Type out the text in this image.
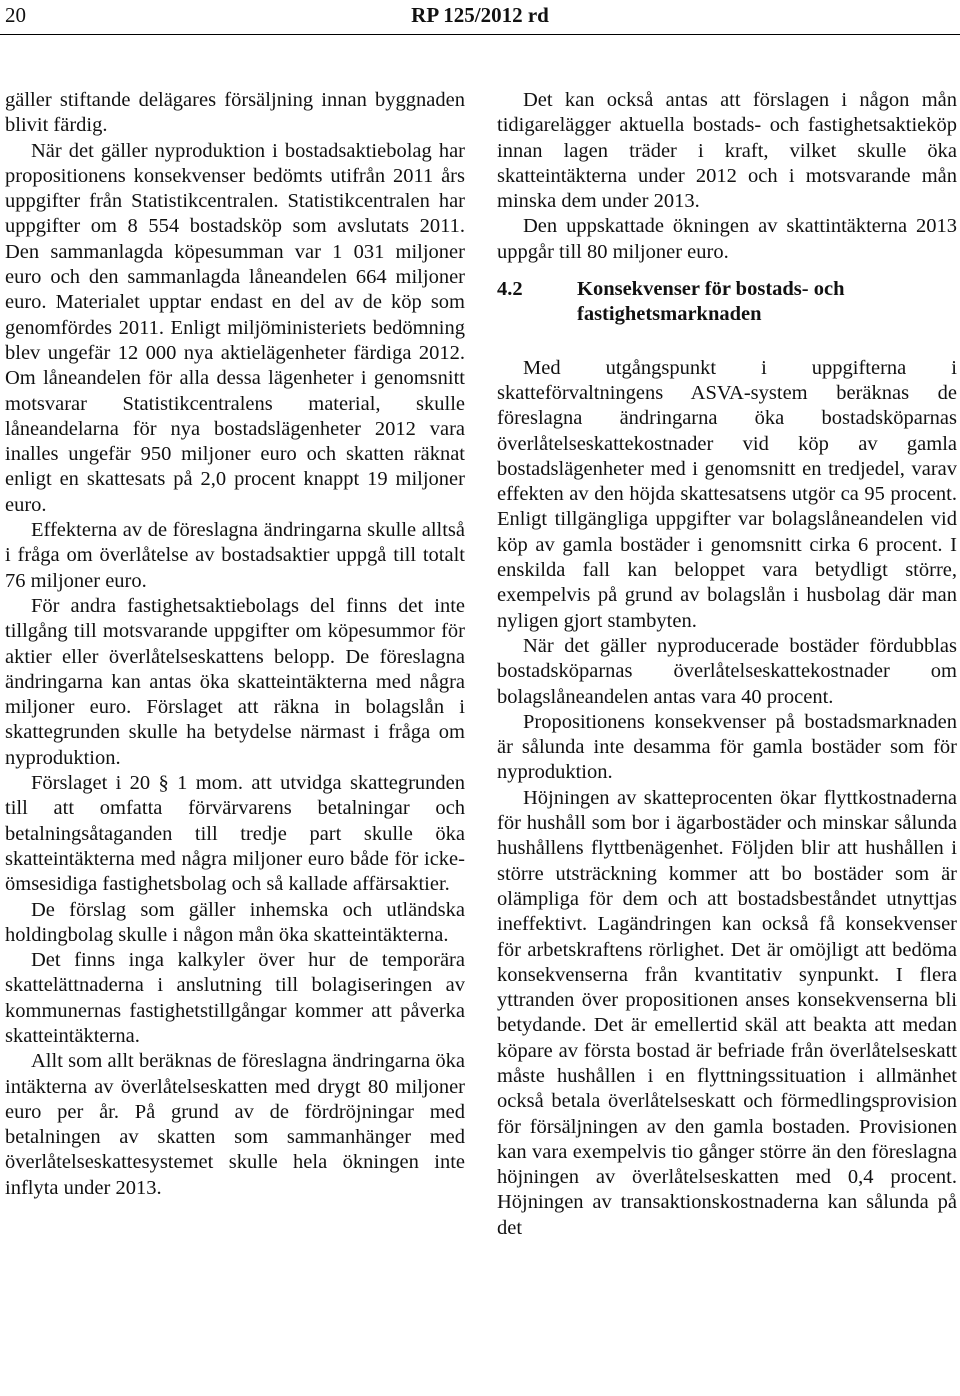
20	RP 125/2012 rd

gäller stiftande delägares försäljning innan byggnaden blivit färdig.

När det gäller nyproduktion i bostadsaktiebolag har propositionens konsekvenser bedömts utifrån 2011 års uppgifter från Statistikcentralen. Statistikcentralen har uppgifter om 8 554 bostadsköp som avslutats 2011. Den sammanlagda köpesumman var 1 031 miljoner euro och den sammanlagda låneandelen 664 miljoner euro. Materialet upptar endast en del av de köp som genomfördes 2011. Enligt miljöministeriets bedömning blev ungefär 12 000 nya aktielägenheter färdiga 2012. Om låneandelen för alla dessa lägenheter i genomsnitt motsvarar Statistikcentralens material, skulle låneandelarna för nya bostadslägenheter 2012 vara inalles ungefär 950 miljoner euro och skatten räknat enligt en skattesats på 2,0 procent knappt 19 miljoner euro.

Effekterna av de föreslagna ändringarna skulle alltså i fråga om överlåtelse av bostadsaktier uppgå till totalt 76 miljoner euro.

För andra fastighetsaktiebolags del finns det inte tillgång till motsvarande uppgifter om köpesummor för aktier eller överlåtelseskattens belopp. De föreslagna ändringarna kan antas öka skatteintäkterna med några miljoner euro. Förslaget att räkna in bolagslån i skattegrunden skulle ha betydelse närmast i fråga om nyproduktion.

Förslaget i 20 § 1 mom. att utvidga skattegrunden till att omfatta förvärvarens betalningar och betalningsåtaganden till tredje part skulle öka skatteintäkterna med några miljoner euro både för icke-ömsesidiga fastighetsbolag och så kallade affärsaktier.

De förslag som gäller inhemska och utländska holdingbolag skulle i någon mån öka skatteintäkterna.

Det finns inga kalkyler över hur de temporära skattelättnaderna i anslutning till bolagiseringen av kommunernas fastighetstillgångar kommer att påverka skatteintäkterna.

Allt som allt beräknas de föreslagna ändringarna öka intäkterna av överlåtelseskatten med drygt 80 miljoner euro per år. På grund av de fördröjningar med betalningen av skatten som sammanhänger med överlåtelseskattesystemet skulle hela ökningen inte inflyta under 2013.

Det kan också antas att förslagen i någon mån tidigarelägger aktuella bostads- och fastighetsaktieköp innan lagen träder i kraft, vilket skulle öka skatteintäkterna under 2012 och i motsvarande mån minska dem under 2013.

Den uppskattade ökningen av skattintäkterna 2013 uppgår till 80 miljoner euro.

4.2	Konsekvenser för bostads- och fastighetsmarknaden

Med utgångspunkt i uppgifterna i skatteförvaltningens ASVA-system beräknas de föreslagna ändringarna öka bostadsköparnas överlåtelseskattekostnader vid köp av gamla bostadslägenheter med i genomsnitt en tredjedel, varav effekten av den höjda skattesatsens utgör ca 95 procent. Enligt tillgängliga uppgifter var bolagslåneandelen vid köp av gamla bostäder i genomsnitt cirka 6 procent. I enskilda fall kan beloppet vara betydligt större, exempelvis på grund av bolagslån i husbolag där man nyligen gjort stambyten.

När det gäller nyproducerade bostäder fördubblas bostadsköparnas överlåtelseskattekostnader om bolagslåneandelen antas vara 40 procent.

Propositionens konsekvenser på bostadsmarknaden är sålunda inte desamma för gamla bostäder som för nyproduktion.

Höjningen av skatteprocenten ökar flyttkostnaderna för hushåll som bor i ägarbostäder och minskar sålunda hushållens flyttbenägenhet. Följden blir att hushållen i större utsträckning kommer att bo bostäder som är olämpliga för dem och att bostadsbeståndet utnyttjas ineffektivt. Lagändringen kan också få konsekvenser för arbetskraftens rörlighet. Det är omöjligt att bedöma konsekvenserna från kvantitativ synpunkt. I flera yttranden över propositionen anses konsekvenserna bli betydande. Det är emellertid skäl att beakta att medan köpare av första bostad är befriade från överlåtelseskatt måste hushållen i en flyttningssituation i allmänhet också betala överlåtelseskatt och förmedlingsprovision för försäljningen av den gamla bostaden. Provisionen kan vara exempelvis tio gånger större än den föreslagna höjningen av överlåtelseskatten med 0,4 procent. Höjningen av transaktionskostnaderna kan sålunda på det
